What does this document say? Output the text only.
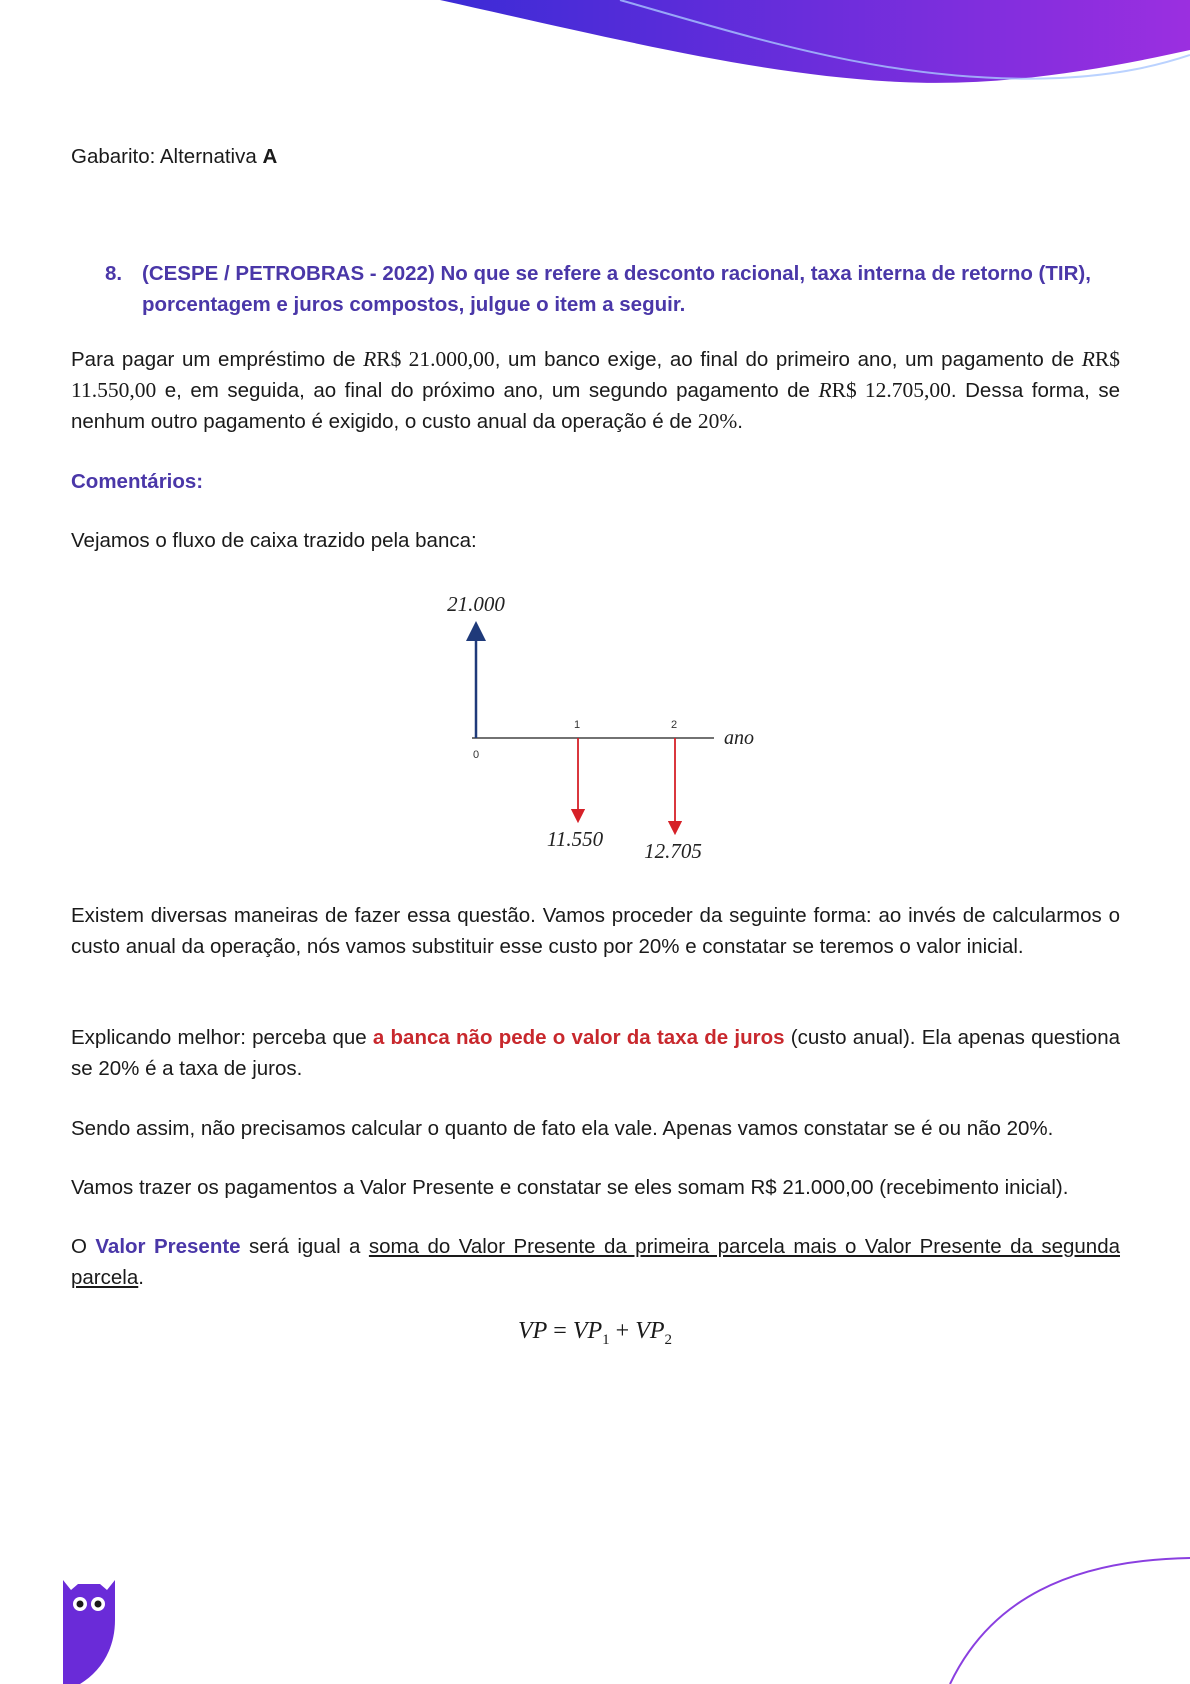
Gabarito: Alternativa A

8. (CESPE / PETROBRAS - 2022) No que se refere a desconto racional, taxa interna de retorno (TIR),
porcentagem e juros compostos, julgue o item a seguir.

Para pagar um empréstimo de RR$ 21.000,00, um banco exige, ao final do primeiro ano, um pagamento de RR$ 11.550,00 e, em seguida, ao final do próximo ano, um segundo pagamento de RR$ 12.705,00. Dessa forma, se nenhum outro pagamento é exigido, o custo anual da operação é de 20%.

Comentários:

Vejamos o fluxo de caixa trazido pela banca:

21.000
11.550 12.705
0
1	2
ano

Existem diversas maneiras de fazer essa questão. Vamos proceder da seguinte forma: ao invés de calcularmos o custo anual da operação, nós vamos substituir esse custo por 20% e constatar se teremos o valor inicial.

Explicando melhor: perceba que a banca não pede o valor da taxa de juros (custo anual). Ela apenas questiona se 20% é a taxa de juros.

Sendo assim, não precisamos calcular o quanto de fato ela vale. Apenas vamos constatar se é ou não 20%.

Vamos trazer os pagamentos a Valor Presente e constatar se eles somam R$ 21.000,00 (recebimento inicial).

O Valor Presente será igual a soma do Valor Presente da primeira parcela mais o Valor Presente da segunda parcela.

VP = $VP_1 + VP_2$
